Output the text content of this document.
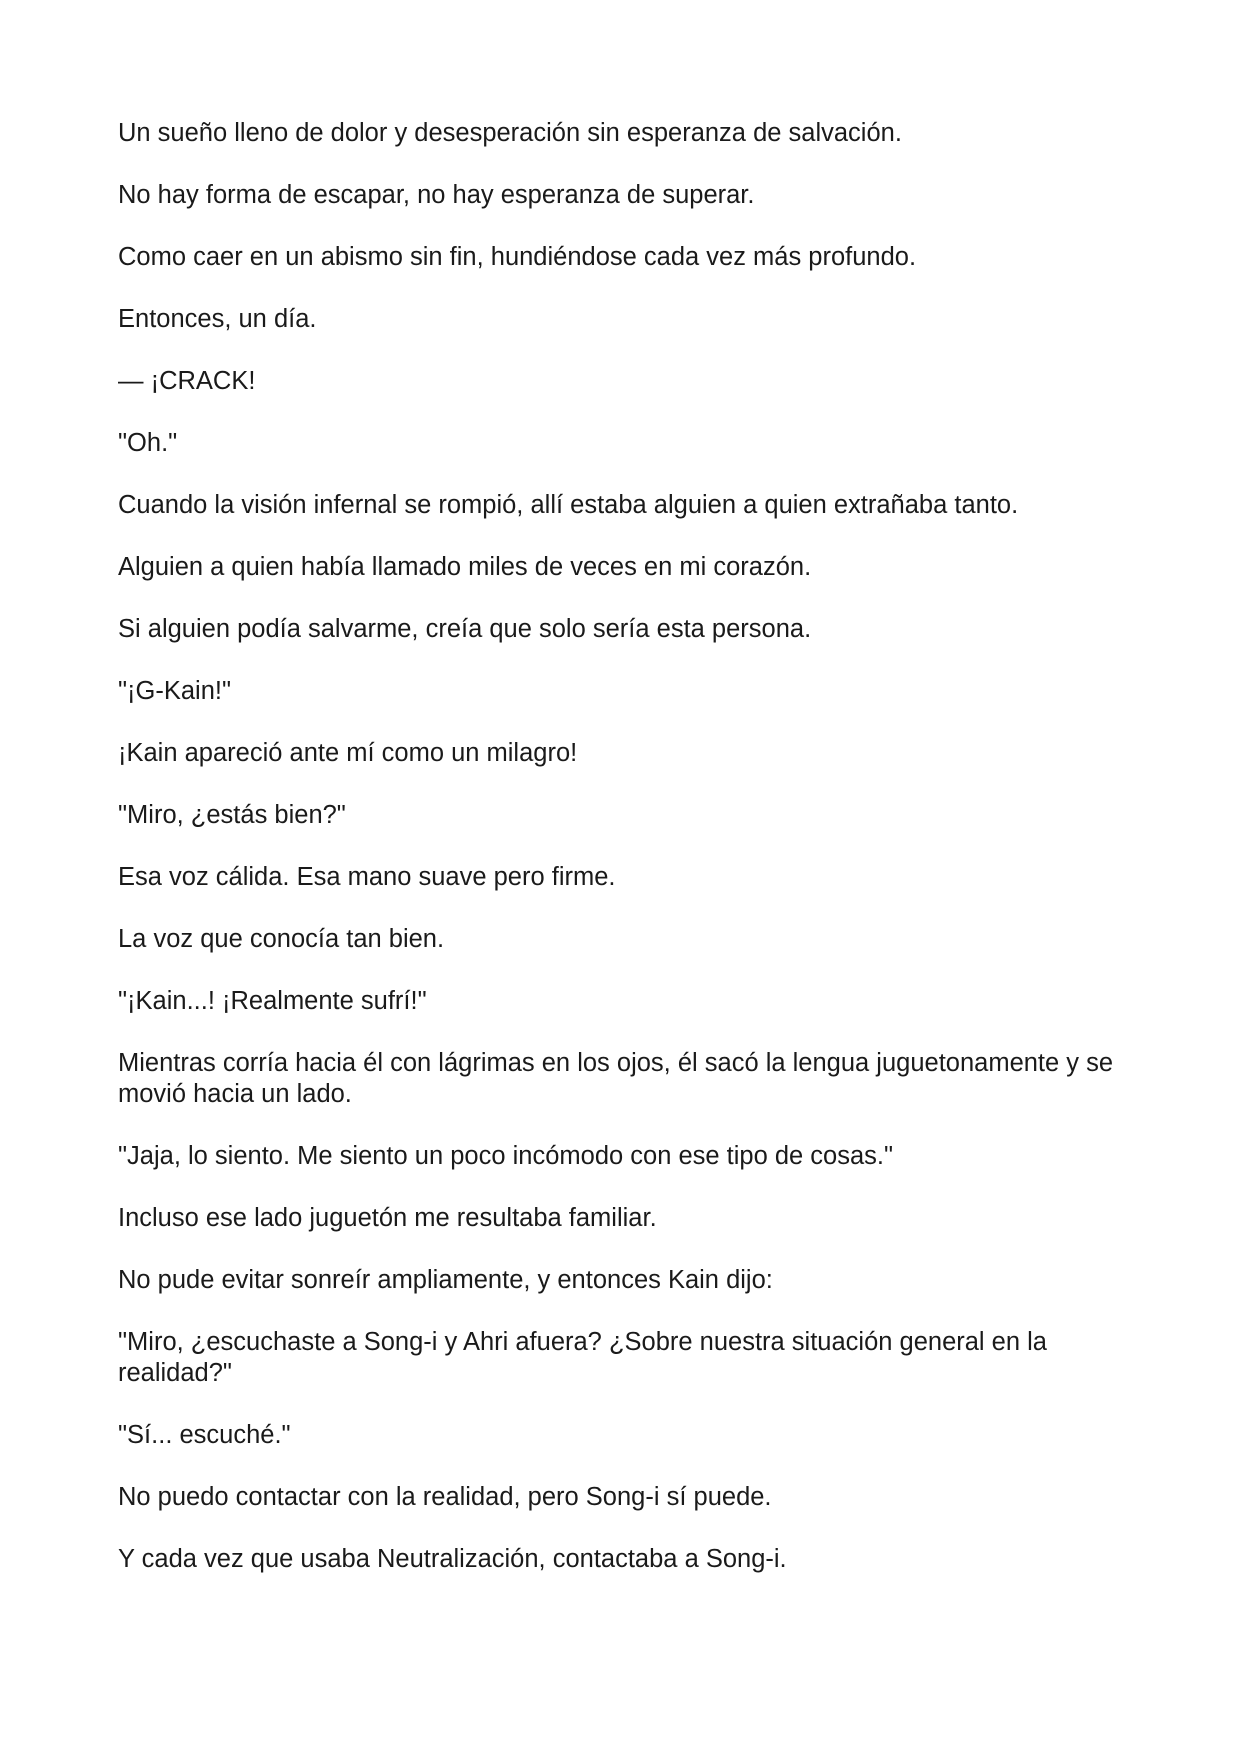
Un sueño lleno de dolor y desesperación sin esperanza de salvación.

No hay forma de escapar, no hay esperanza de superar.

Como caer en un abismo sin fin, hundiéndose cada vez más profundo.

Entonces, un día.

— ¡CRACK!

"Oh."

Cuando la visión infernal se rompió, allí estaba alguien a quien extrañaba tanto.

Alguien a quien había llamado miles de veces en mi corazón.

Si alguien podía salvarme, creía que solo sería esta persona.

"¡G-Kain!"

¡Kain apareció ante mí como un milagro!

"Miro, ¿estás bien?"

Esa voz cálida. Esa mano suave pero firme.

La voz que conocía tan bien.

"¡Kain...! ¡Realmente sufrí!"

Mientras corría hacia él con lágrimas en los ojos, él sacó la lengua juguetonamente y se movió hacia un lado.

"Jaja, lo siento. Me siento un poco incómodo con ese tipo de cosas."

Incluso ese lado juguetón me resultaba familiar.

No pude evitar sonreír ampliamente, y entonces Kain dijo:

"Miro, ¿escuchaste a Song-i y Ahri afuera? ¿Sobre nuestra situación general en la realidad?"

"Sí... escuché."

No puedo contactar con la realidad, pero Song-i sí puede.

Y cada vez que usaba Neutralización, contactaba a Song-i.
